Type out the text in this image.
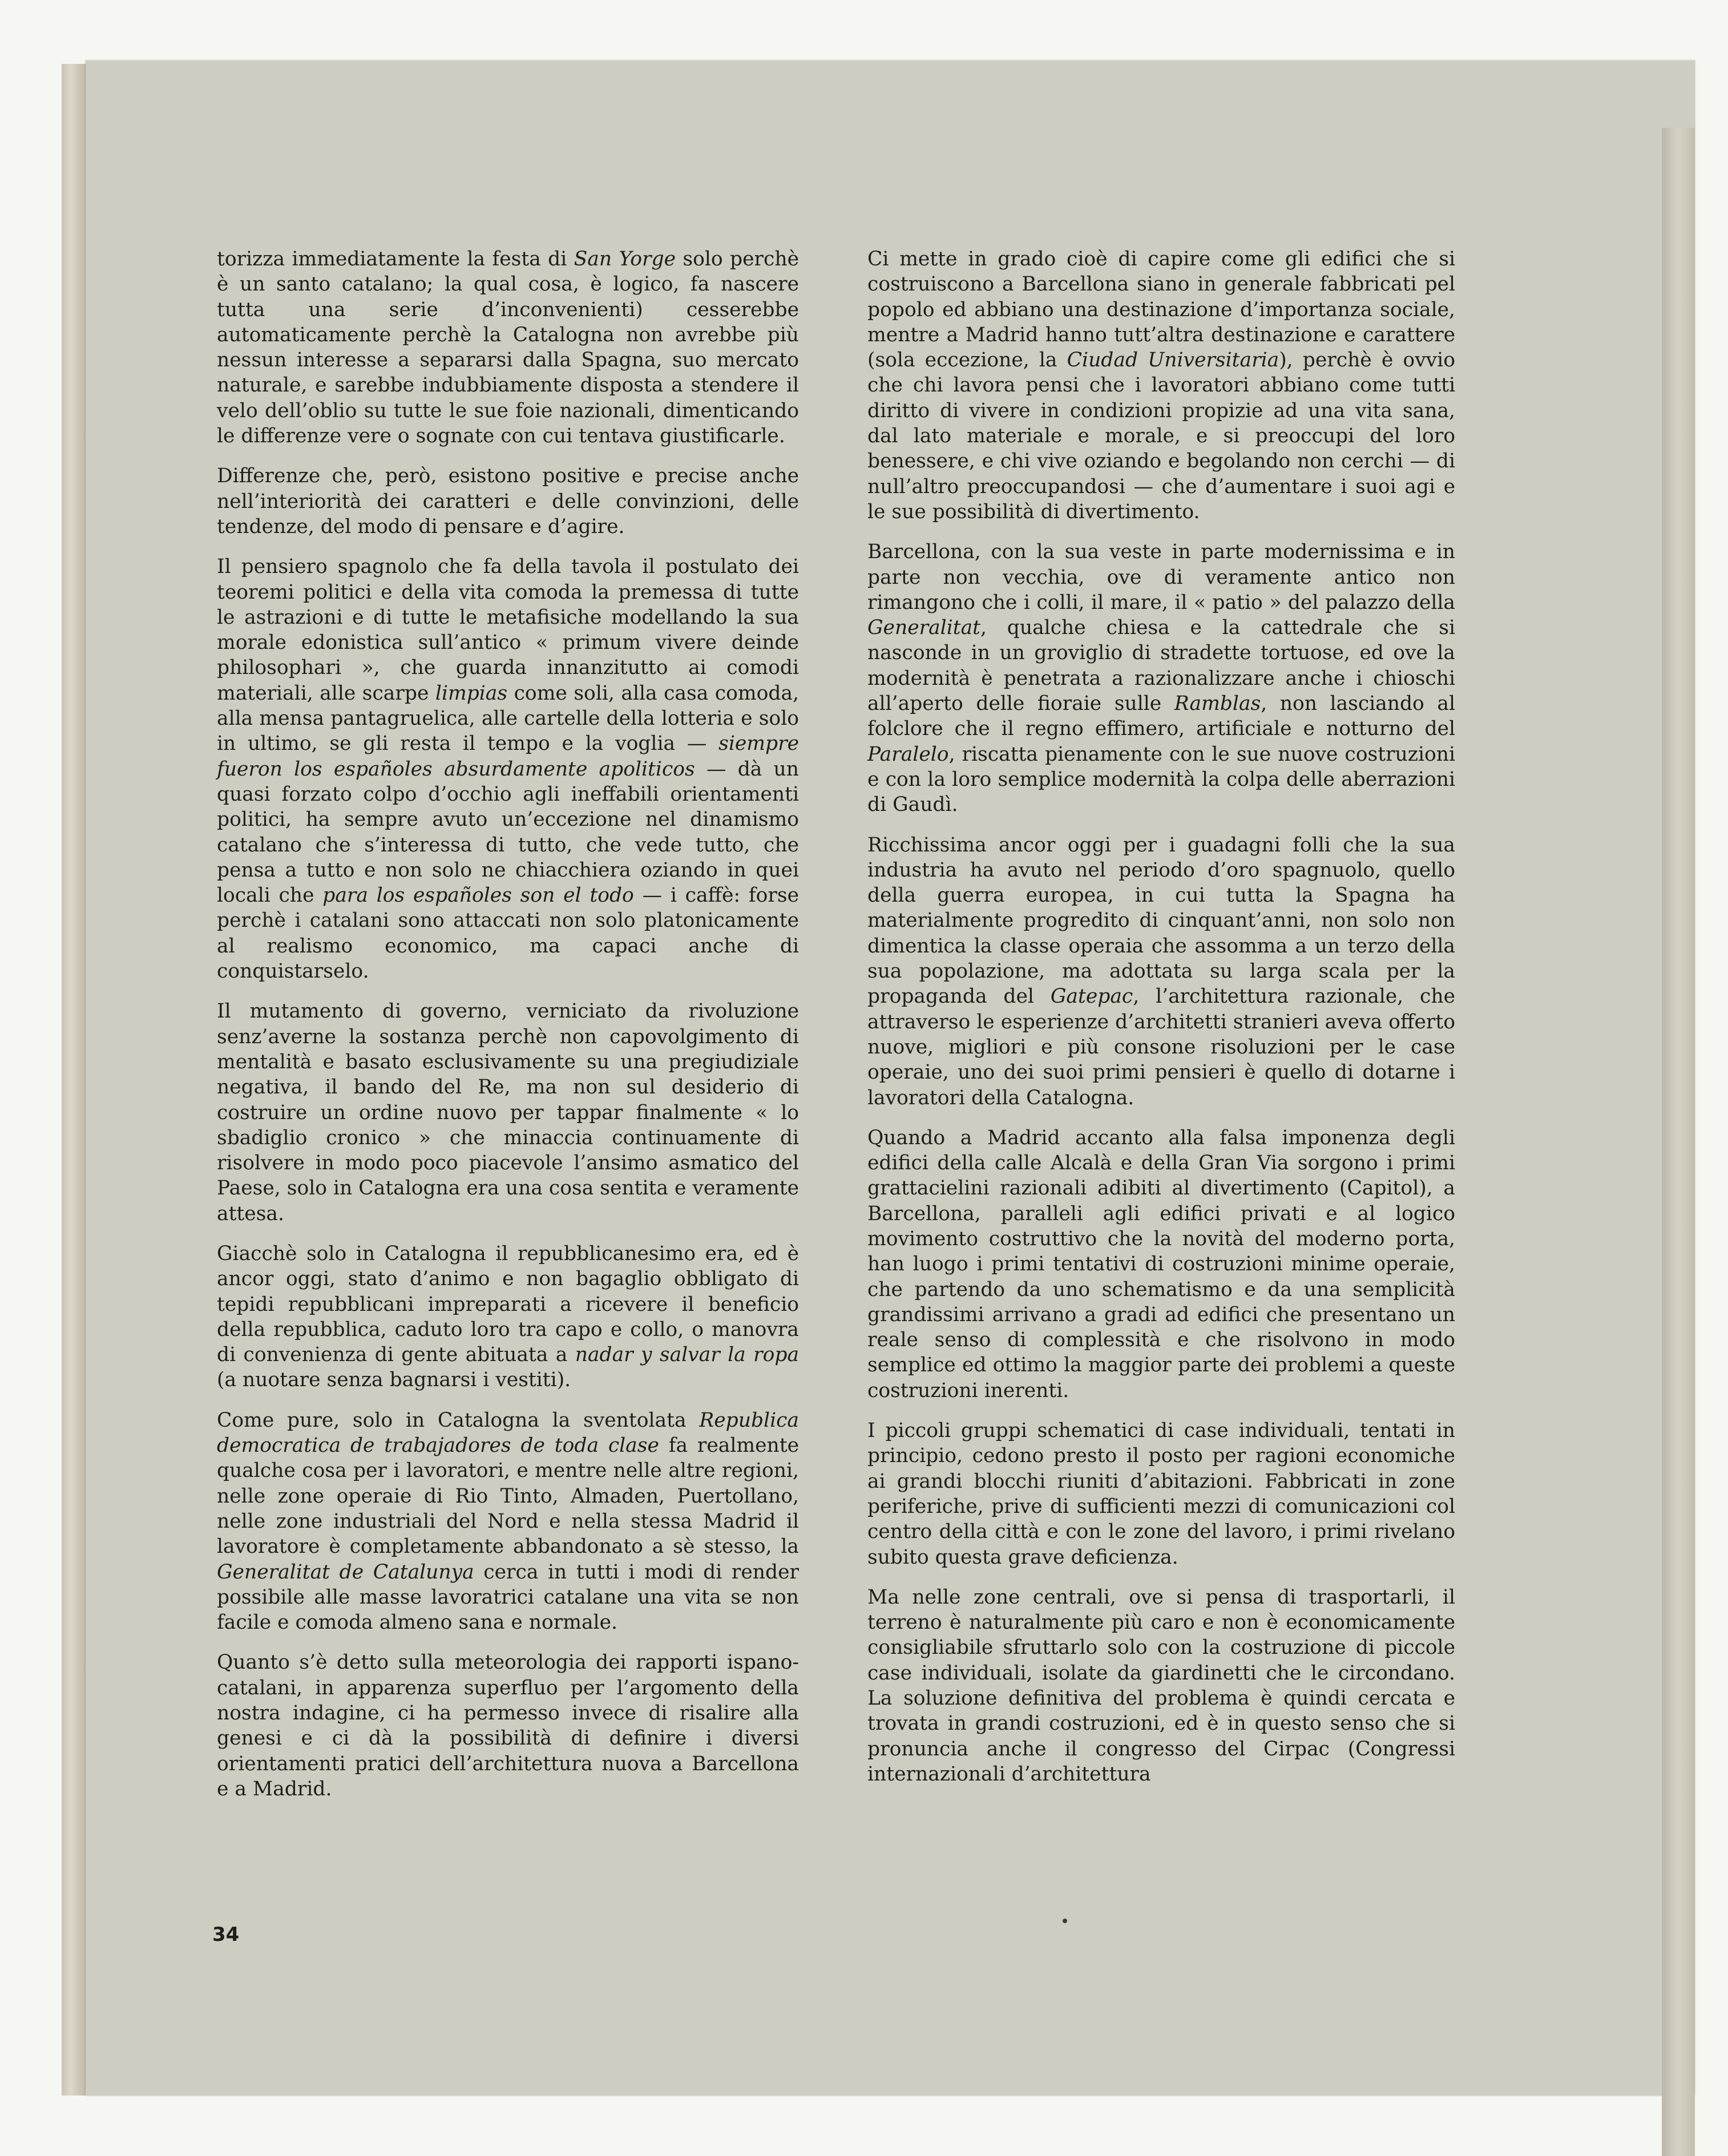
torizza immediatamente la festa di San Yorge solo perchè è un santo catalano; la qual cosa, è logico, fa nascere tutta una serie d’inconvenienti) cesserebbe automaticamente perchè la Catalogna non avrebbe più nessun interesse a separarsi dalla Spagna, suo mercato naturale, e sarebbe indubbiamente disposta a stendere il velo dell’oblio su tutte le sue foie nazionali, dimenticando le differenze vere o sognate con cui tentava giustificarle.

Differenze che, però, esistono positive e precise anche nell’interiorità dei caratteri e delle convinzioni, delle tendenze, del modo di pensare e d’agire.

Il pensiero spagnolo che fa della tavola il postulato dei teoremi politici e della vita comoda la premessa di tutte le astrazioni e di tutte le metafisiche modellando la sua morale edonistica sull’antico « primum vivere deinde philosophari », che guarda innanzitutto ai comodi materiali, alle scarpe limpias come soli, alla casa comoda, alla mensa pantagruelica, alle cartelle della lotteria e solo in ultimo, se gli resta il tempo e la voglia — siempre fueron los españoles absurdamente apoliticos — dà un quasi forzato colpo d’occhio agli ineffabili orientamenti politici, ha sempre avuto un’eccezione nel dinamismo catalano che s’interessa di tutto, che vede tutto, che pensa a tutto e non solo ne chiacchiera oziando in quei locali che para los españoles son el todo — i caffè: forse perchè i catalani sono attaccati non solo platonicamente al realismo economico, ma capaci anche di conquistarselo.

Il mutamento di governo, verniciato da rivoluzione senz’averne la sostanza perchè non capovolgimento di mentalità e basato esclusivamente su una pregiudiziale negativa, il bando del Re, ma non sul desiderio di costruire un ordine nuovo per tappar finalmente « lo sbadiglio cronico » che minaccia continuamente di risolvere in modo poco piacevole l’ansimo asmatico del Paese, solo in Catalogna era una cosa sentita e veramente attesa.

Giacchè solo in Catalogna il repubblicanesimo era, ed è ancor oggi, stato d’animo e non bagaglio obbligato di tepidi repubblicani impreparati a ricevere il beneficio della repubblica, caduto loro tra capo e collo, o manovra di convenienza di gente abituata a nadar y salvar la ropa (a nuotare senza bagnarsi i vestiti).

Come pure, solo in Catalogna la sventolata Republica democratica de trabajadores de toda clase fa realmente qualche cosa per i lavoratori, e mentre nelle altre regioni, nelle zone operaie di Rio Tinto, Almaden, Puertollano, nelle zone industriali del Nord e nella stessa Madrid il lavoratore è completamente abbandonato a sè stesso, la Generalitat de Catalunya cerca in tutti i modi di render possibile alle masse lavoratrici catalane una vita se non facile e comoda almeno sana e normale.

Quanto s’è detto sulla meteorologia dei rapporti ispano-catalani, in apparenza superfluo per l’argomento della nostra indagine, ci ha permesso invece di risalire alla genesi e ci dà la possibilità di definire i diversi orientamenti pratici dell’architettura nuova a Barcellona e a Madrid.

Ci mette in grado cioè di capire come gli edifici che si costruiscono a Barcellona siano in generale fabbricati pel popolo ed abbiano una destinazione d’importanza sociale, mentre a Madrid hanno tutt’altra destinazione e carattere (sola eccezione, la Ciudad Universitaria), perchè è ovvio che chi lavora pensi che i lavoratori abbiano come tutti diritto di vivere in condizioni propizie ad una vita sana, dal lato materiale e morale, e si preoccupi del loro benessere, e chi vive oziando e begolando non cerchi — di null’altro preoccupandosi — che d’aumentare i suoi agi e le sue possibilità di divertimento.

Barcellona, con la sua veste in parte modernissima e in parte non vecchia, ove di veramente antico non rimangono che i colli, il mare, il « patio » del palazzo della Generalitat, qualche chiesa e la cattedrale che si nasconde in un groviglio di stradette tortuose, ed ove la modernità è penetrata a razionalizzare anche i chioschi all’aperto delle fioraie sulle Ramblas, non lasciando al folclore che il regno effimero, artificiale e notturno del Paralelo, riscatta pienamente con le sue nuove costruzioni e con la loro semplice modernità la colpa delle aberrazioni di Gaudì.

Ricchissima ancor oggi per i guadagni folli che la sua industria ha avuto nel periodo d’oro spagnuolo, quello della guerra europea, in cui tutta la Spagna ha materialmente progredito di cinquant’anni, non solo non dimentica la classe operaia che assomma a un terzo della sua popolazione, ma adottata su larga scala per la propaganda del Gatepac, l’architettura razionale, che attraverso le esperienze d’architetti stranieri aveva offerto nuove, migliori e più consone risoluzioni per le case operaie, uno dei suoi primi pensieri è quello di dotarne i lavoratori della Catalogna.

Quando a Madrid accanto alla falsa imponenza degli edifici della calle Alcalà e della Gran Via sorgono i primi grattacielini razionali adibiti al divertimento (Capitol), a Barcellona, paralleli agli edifici privati e al logico movimento costruttivo che la novità del moderno porta, han luogo i primi tentativi di costruzioni minime operaie, che partendo da uno schematismo e da una semplicità grandissimi arrivano a gradi ad edifici che presentano un reale senso di complessità e che risolvono in modo semplice ed ottimo la maggior parte dei problemi a queste costruzioni inerenti.

I piccoli gruppi schematici di case individuali, tentati in principio, cedono presto il posto per ragioni economiche ai grandi blocchi riuniti d’abitazioni. Fabbricati in zone periferiche, prive di sufficienti mezzi di comunicazioni col centro della città e con le zone del lavoro, i primi rivelano subito questa grave deficienza.

Ma nelle zone centrali, ove si pensa di trasportarli, il terreno è naturalmente più caro e non è economicamente consigliabile sfruttarlo solo con la costruzione di piccole case individuali, isolate da giardinetti che le circondano. La soluzione definitiva del problema è quindi cercata e trovata in grandi costruzioni, ed è in questo senso che si pronuncia anche il congresso del Cirpac (Congressi internazionali d’architettura

34
